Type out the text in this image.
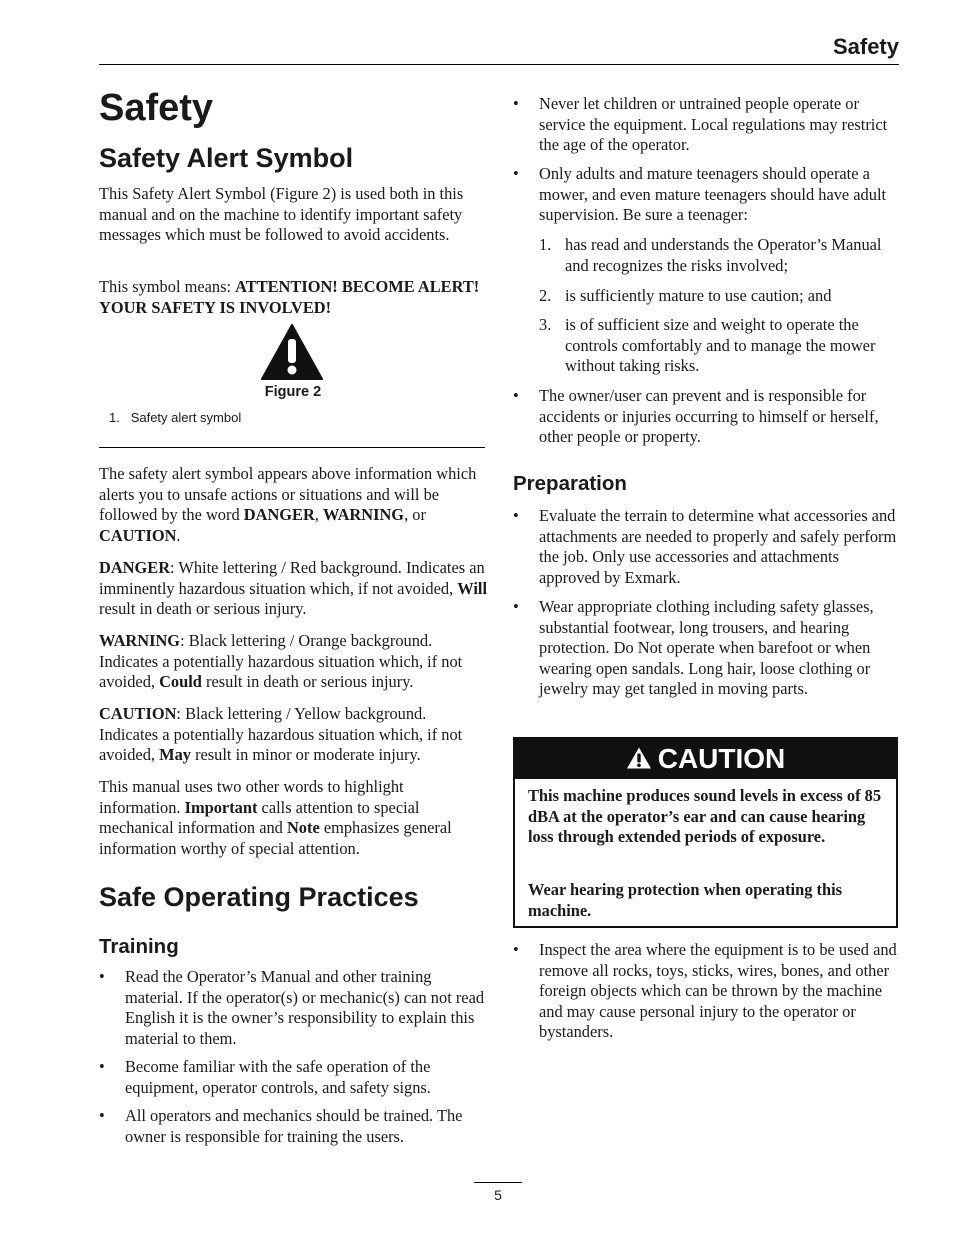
Safety
Safety
Safety Alert Symbol

This Safety Alert Symbol (Figure 2) is used both in this manual and on the machine to identify important safety messages which must be followed to avoid accidents.

This symbol means: ATTENTION! BECOME ALERT! YOUR SAFETY IS INVOLVED!

Figure 2
1. Safety alert symbol

The safety alert symbol appears above information which alerts you to unsafe actions or situations and will be followed by the word DANGER, WARNING, or CAUTION.

DANGER: White lettering / Red background. Indicates an imminently hazardous situation which, if not avoided, Will result in death or serious injury.

WARNING: Black lettering / Orange background. Indicates a potentially hazardous situation which, if not avoided, Could result in death or serious injury.

CAUTION: Black lettering / Yellow background. Indicates a potentially hazardous situation which, if not avoided, May result in minor or moderate injury.

This manual uses two other words to highlight information. Important calls attention to special mechanical information and Note emphasizes general information worthy of special attention.

Safe Operating Practices
Training
•	Read the Operator’s Manual and other training material. If the operator(s) or mechanic(s) can not read English it is the owner’s responsibility to explain this material to them.
•	Become familiar with the safe operation of the equipment, operator controls, and safety signs.
•	All operators and mechanics should be trained. The owner is responsible for training the users.
•	Never let children or untrained people operate or service the equipment. Local regulations may restrict the age of the operator.
•	Only adults and mature teenagers should operate a mower, and even mature teenagers should have adult supervision. Be sure a teenager:
1. has read and understands the Operator’s Manual and recognizes the risks involved;
2. is sufficiently mature to use caution; and
3. is of sufficient size and weight to operate the controls comfortably and to manage the mower without taking risks.
•	The owner/user can prevent and is responsible for accidents or injuries occurring to himself or herself, other people or property.
Preparation
•	Evaluate the terrain to determine what accessories and attachments are needed to properly and safely perform the job. Only use accessories and attachments approved by Exmark.
•	Wear appropriate clothing including safety glasses, substantial footwear, long trousers, and hearing protection. Do Not operate when barefoot or when wearing open sandals. Long hair, loose clothing or jewelry may get tangled in moving parts.
CAUTION

This machine produces sound levels in excess of 85 dBA at the operator’s ear and can cause hearing loss through extended periods of exposure.

Wear hearing protection when operating this machine.

•	Inspect the area where the equipment is to be used and remove all rocks, toys, sticks, wires, bones, and other foreign objects which can be thrown by the machine and may cause personal injury to the operator or bystanders.
5
